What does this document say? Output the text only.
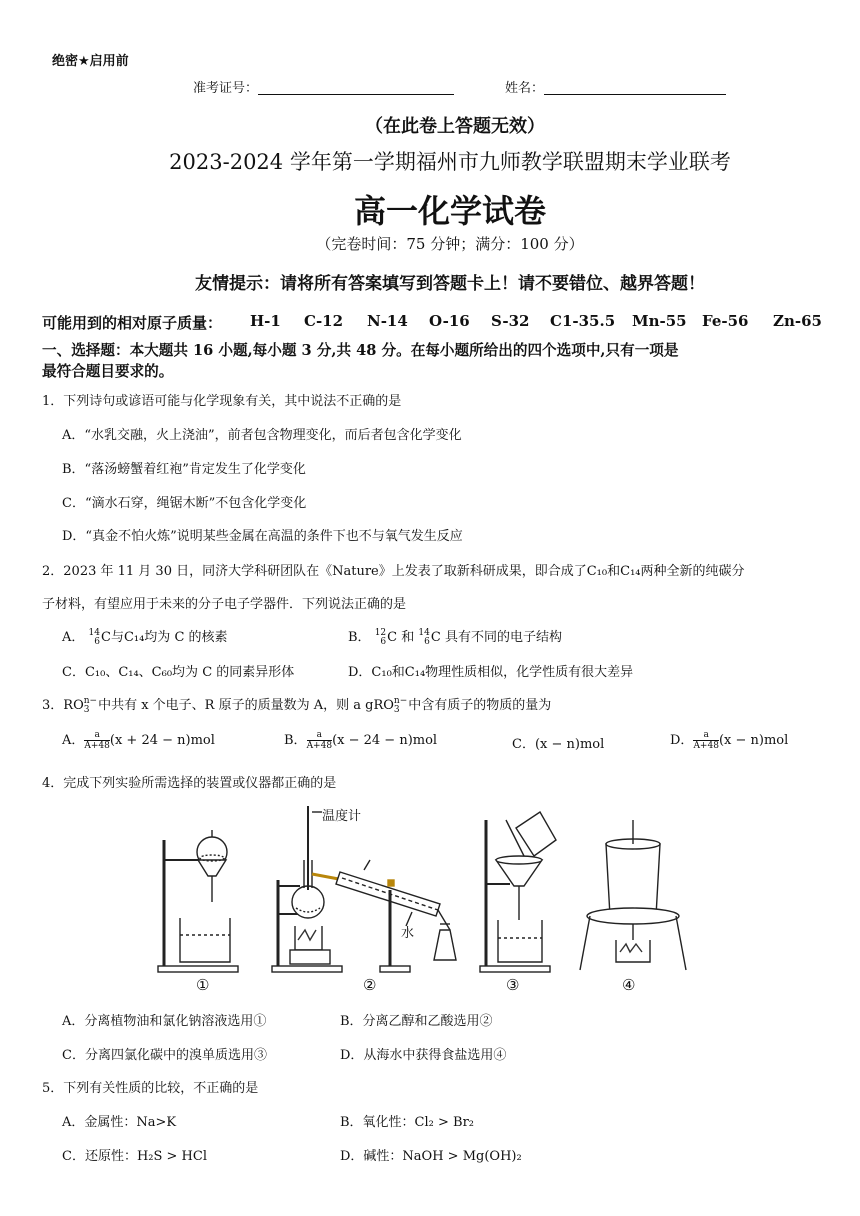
绝密★启用前
准考证号：	姓名：
（在此卷上答题无效）
2023-2024 学年第一学期福州市九师教学联盟期末学业联考
高一化学试卷
（完卷时间：75 分钟；满分：100 分）
友情提示：请将所有答案填写到答题卡上！请不要错位、越界答题！
可能用到的相对原子质量： H-1 C-12 N-14 O-16 S-32 C1-35.5 Mn-55 Fe-56 Zn-65
一、选择题：本大题共 16 小题,每小题 3 分,共 48 分。在每小题所给出的四个选项中,只有一项是
最符合题目要求的。
1．下列诗句或谚语可能与化学现象有关，其中说法不正确的是
A．“水乳交融，火上浇油”，前者包含物理变化，而后者包含化学变化
B．“落汤螃蟹着红袍”肯定发生了化学变化
C．“滴水石穿，绳锯木断”不包含化学变化
D．“真金不怕火炼”说明某些金属在高温的条件下也不与氧气发生反应
2．2023 年 11 月 30 日，同济大学科研团队在《Nature》上发表了取新科研成果，即合成了C₁₀和C₁₄两种全新的纯碳分
子材料，有望应用于未来的分子电子学器件．下列说法正确的是
A． 14
6 C与C₁₄均为 C 的核素	B． 12
6 C 和 14
6 C 具有不同的电子结构
C．C₁₀、C₁₄、C₆₀均为 C 的同素异形体	D．C₁₀和C₁₄物理性质相似，化学性质有很大差异
3．RO n−
3 中共有 x 个电子、R 原子的质量数为 A，则 a gRO n−
3 中含有质子的物质的量为
A． $\frac{a}{A+48} (x + 24 - n)mol$	B． $\frac{a}{A+48} (x - 24 - n)mol$	C．(x − n)mol	D． $\frac{a}{A+48} (x - n)mol$
4．完成下列实验所需选择的装置或仪器都正确的是
温度计
水
①	②	③	④
A．分离植物油和氯化钠溶液选用①	B．分离乙醇和乙酸选用②
C．分离四氯化碳中的溴单质选用③	D．从海水中获得食盐选用④
5．下列有关性质的比较，不正确的是
A．金属性：Na>K	B．氧化性：Cl₂ > Br₂
C．还原性：H₂S > HCl	D．碱性：NaOH > Mg(OH)₂
